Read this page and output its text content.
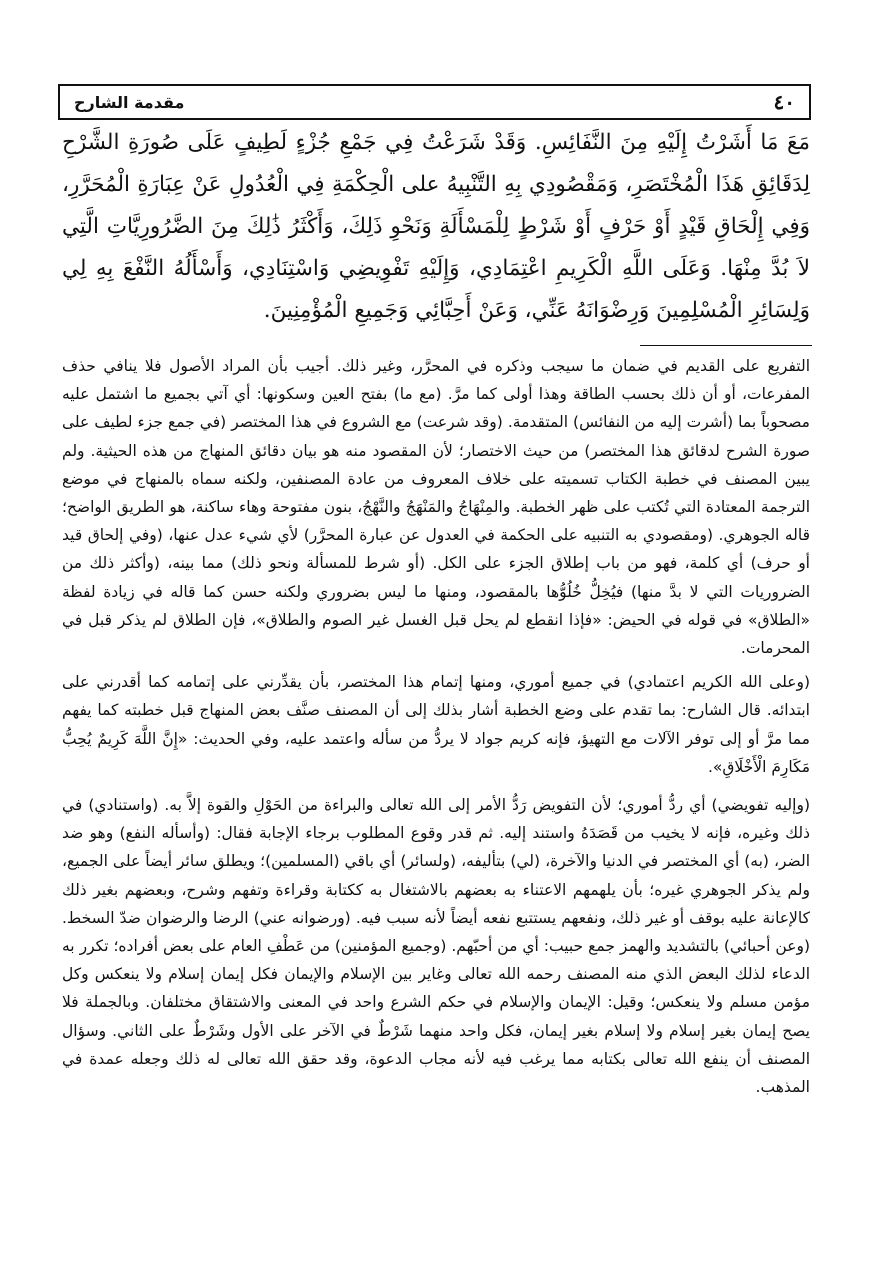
٤٠
مقدمة الشارح
مَعَ مَا أَشَرْتُ إِلَيْهِ مِنَ النَّفَائِسِ. وَقَدْ شَرَعْتُ فِي جَمْعِ جُزْءٍ لَطِيفٍ عَلَى صُورَةِ الشَّرْحِ لِدَقَائِقِ هَذَا الْمُخْتَصَرِ، وَمَقْصُودِي بِهِ التَّنْبِيهُ على الْحِكْمَةِ فِي الْعُدُولِ عَنْ عِبَارَةِ الْمُحَرَّرِ، وَفِي إِلْحَاقِ قَيْدٍ أَوْ حَرْفٍ أَوْ شَرْطٍ لِلْمَسْأَلَةِ وَنَحْوِ ذَلِكَ، وَأَكْثَرُ ذَٰلِكَ مِنَ الضَّرُورِيَّاتِ الَّتِي لاَ بُدَّ مِنْهَا. وَعَلَى اللَّهِ الْكَرِيمِ اعْتِمَادِي، وَإِلَيْهِ تَفْوِيضِي وَاسْتِنَادِي، وَأَسْأَلُهُ النَّفْعَ بِهِ لِي وَلِسَائِرِ الْمُسْلِمِينَ وَرِضْوَانَهُ عَنِّي، وَعَنْ أَحِبَّائِي وَجَمِيعِ الْمُؤْمِنِينَ.

التفريع على القديم في ضمان ما سيجب وذكره في المحرَّر، وغير ذلك. أجيب بأن المراد الأصول فلا ينافي حذف المفرعات، أو أن ذلك بحسب الطاقة وهذا أولى كما مرَّ. (مع ما) بفتح العين وسكونها: أي آتي بجميع ما اشتمل عليه مصحوباً بما (أشرت إليه من النفائس) المتقدمة. (وقد شرعت) مع الشروع في هذا المختصر (في جمع جزء لطيف على صورة الشرح لدقائق هذا المختصر) من حيث الاختصار؛ لأن المقصود منه هو بيان دقائق المنهاج من هذه الحيثية. ولم يبين المصنف في خطبة الكتاب تسميته على خلاف المعروف من عادة المصنفين، ولكنه سماه بالمنهاج في موضع الترجمة المعتادة التي تُكتب على ظهر الخطبة. والمِنْهَاجُ والمَنْهَجُ والنَّهْجُ، بنون مفتوحة وهاء ساكنة، هو الطريق الواضح؛ قاله الجوهري. (ومقصودي به التنبيه على الحكمة في العدول عن عبارة المحرَّر) لأي شيء عدل عنها، (وفي إلحاق قيد أو حرف) أي كلمة، فهو من باب إطلاق الجزء على الكل. (أو شرط للمسألة ونحو ذلك) مما بينه، (وأكثر ذلك من الضروريات التي لا بدَّ منها) فيُخِلُّ خُلُوُّها بالمقصود، ومنها ما ليس بضروري ولكنه حسن كما قاله في زيادة لفظة «الطلاق» في قوله في الحيض: «فإذا انقطع لم يحل قبل الغسل غير الصوم والطلاق»، فإن الطلاق لم يذكر قبل في المحرمات.

(وعلى الله الكريم اعتمادي) في جميع أموري، ومنها إتمام هذا المختصر، بأن يقدِّرني على إتمامه كما أقدرني على ابتدائه. قال الشارح: بما تقدم على وضع الخطبة أشار بذلك إلى أن المصنف صنَّف بعض المنهاج قبل خطبته كما يفهم مما مرَّ أو إلى توفر الآلات مع التهيؤ، فإنه كريم جواد لا يردُّ من سأله واعتمد عليه، وفي الحديث: «إِنَّ اللَّهَ كَرِيمٌ يُحِبُّ مَكَارِمَ الْأَخْلَاقِ».

(وإليه تفويضي) أي ردُّ أموري؛ لأن التفويض رَدُّ الأمر إلى الله تعالى والبراءة من الحَوْلِ والقوة إلاَّ به. (واستنادي) في ذلك وغيره، فإنه لا يخيب من قَصَدَهُ واستند إليه. ثم قدر وقوع المطلوب برجاء الإجابة فقال: (وأسأله النفع) وهو ضد الضر، (به) أي المختصر في الدنيا والآخرة، (لي) بتأليفه، (ولسائر) أي باقي (المسلمين)؛ ويطلق سائر أيضاً على الجميع، ولم يذكر الجوهري غيره؛ بأن يلهمهم الاعتناء به بعضهم بالاشتغال به ككتابة وقراءة وتفهم وشرح، وبعضهم بغير ذلك كالإعانة عليه بوقف أو غير ذلك، ونفعهم يستتبع نفعه أيضاً لأنه سبب فيه. (ورضوانه عني) الرضا والرضوان ضدّ السخط. (وعن أحبائي) بالتشديد والهمز جمع حبيب: أي من أحبّهم. (وجميع المؤمنين) من عَطْفِ العام على بعض أفراده؛ تكرر به الدعاء لذلك البعض الذي منه المصنف رحمه الله تعالى وغاير بين الإسلام والإيمان فكل إيمان إسلام ولا ينعكس وكل مؤمن مسلم ولا ينعكس؛ وقيل: الإيمان والإسلام في حكم الشرع واحد في المعنى والاشتقاق مختلفان. وبالجملة فلا يصح إيمان بغير إسلام ولا إسلام بغير إيمان، فكل واحد منهما شَرْطٌ في الآخر على الأول وشَرْطٌ على الثاني. وسؤال المصنف أن ينفع الله تعالى بكتابه مما يرغب فيه لأنه مجاب الدعوة، وقد حقق الله تعالى له ذلك وجعله عمدة في المذهب.
